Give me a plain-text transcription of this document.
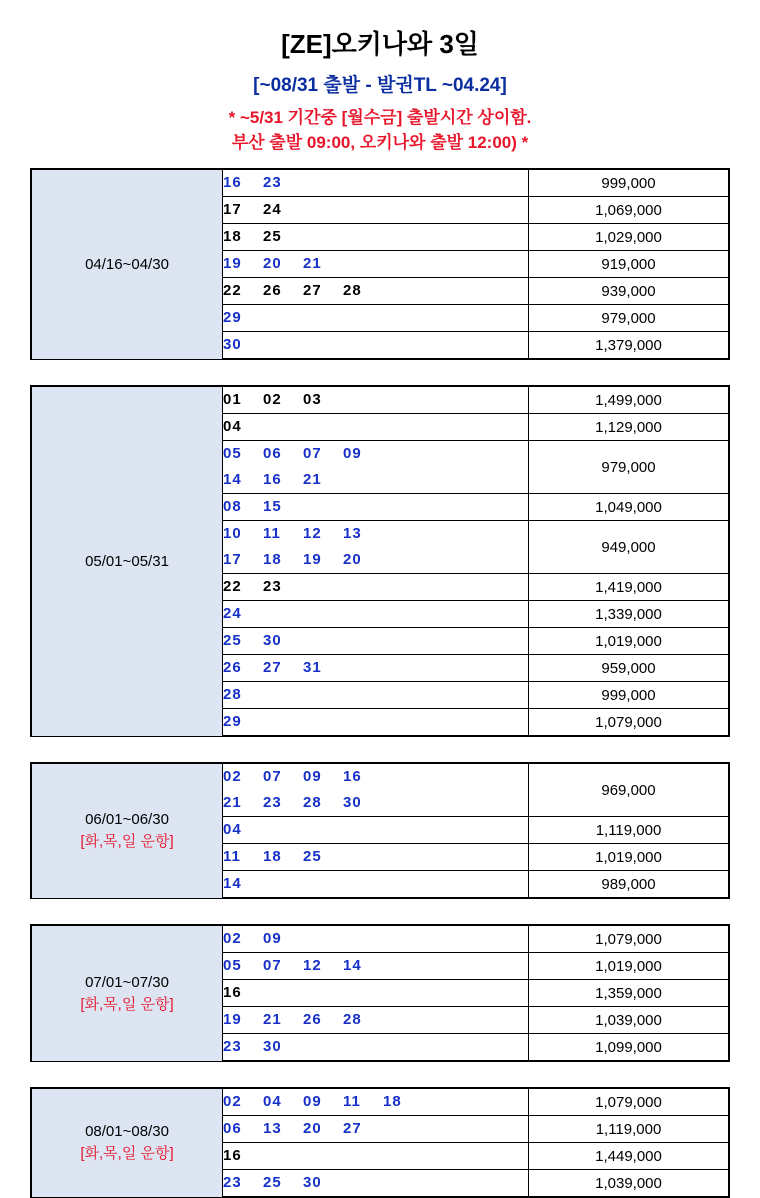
[ZE]오키나와 3일
[~08/31 출발 - 발권TL ~04.24]
* ~5/31 기간중 [월수금] 출발시간 상이함.
부산 출발 09:00, 오키나와 출발 12:00) *
04/16~04/30	16 23	999,000

	17 24	1,069,000

	18 25	1,029,000

	19 20 21	919,000

	22 26 27 28	939,000

	29	979,000

	30	1,379,000

05/01~05/31	01 02 03	1,499,000

	04	1,129,000

	05 06 07 09
14 16 21	979,000

	08 15	1,049,000

	10 11 12 13
17 18 19 20	949,000

	22 23	1,419,000

	24	1,339,000

	25 30	1,019,000

	26 27 31	959,000

	28	999,000

	29	1,079,000

06/01~06/30
[화,목,일 운항]	02 07 09 16
21 23 28 30	969,000

	04	1,119,000

	11 18 25	1,019,000

	14	989,000

07/01~07/30
[화,목,일 운항]	02 09	1,079,000

	05 07 12 14	1,019,000

	16	1,359,000

	19 21 26 28	1,039,000

	23 30	1,099,000

08/01~08/30
[화,목,일 운항]	02 04 09 11 18	1,079,000

	06 13 20 27	1,119,000

	16	1,449,000

	23 25 30	1,039,000
